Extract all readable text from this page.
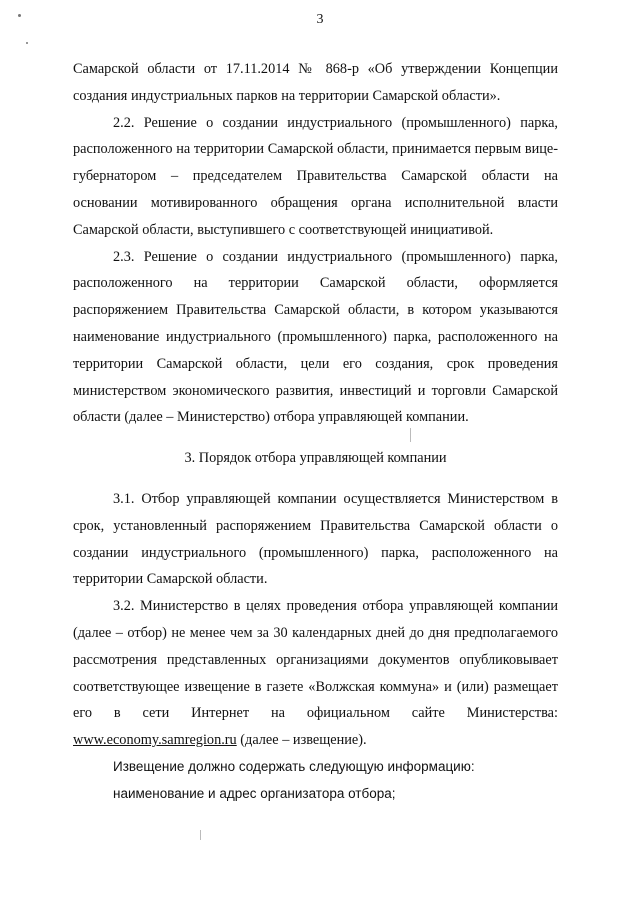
3

Самарской области от 17.11.2014 № 868-р «Об утверждении Концепции создания индустриальных парков на территории Самарской области».

2.2. Решение о создании индустриального (промышленного) парка, расположенного на территории Самарской области, принимается первым вице-губернатором – председателем Правительства Самарской области на основании мотивированного обращения органа исполнительной власти Самарской области, выступившего с соответствующей инициативой.

2.3. Решение о создании индустриального (промышленного) парка, расположенного на территории Самарской области, оформляется распоряжением Правительства Самарской области, в котором указываются наименование индустриального (промышленного) парка, расположенного на территории Самарской области, цели его создания, срок проведения министерством экономического развития, инвестиций и торговли Самарской области (далее – Министерство) отбора управляющей компании.

3. Порядок отбора управляющей компании

3.1. Отбор управляющей компании осуществляется Министерством в срок, установленный распоряжением Правительства Самарской области о создании индустриального (промышленного) парка, расположенного на территории Самарской области.

3.2. Министерство в целях проведения отбора управляющей компании (далее – отбор) не менее чем за 30 календарных дней до дня предполагаемого рассмотрения представленных организациями документов опубликовывает соответствующее извещение в газете «Волжская коммуна» и (или) размещает его в сети Интернет на официальном сайте Министерства: www.economy.samregion.ru (далее – извещение).

Извещение должно содержать следующую информацию:

наименование и адрес организатора отбора;
